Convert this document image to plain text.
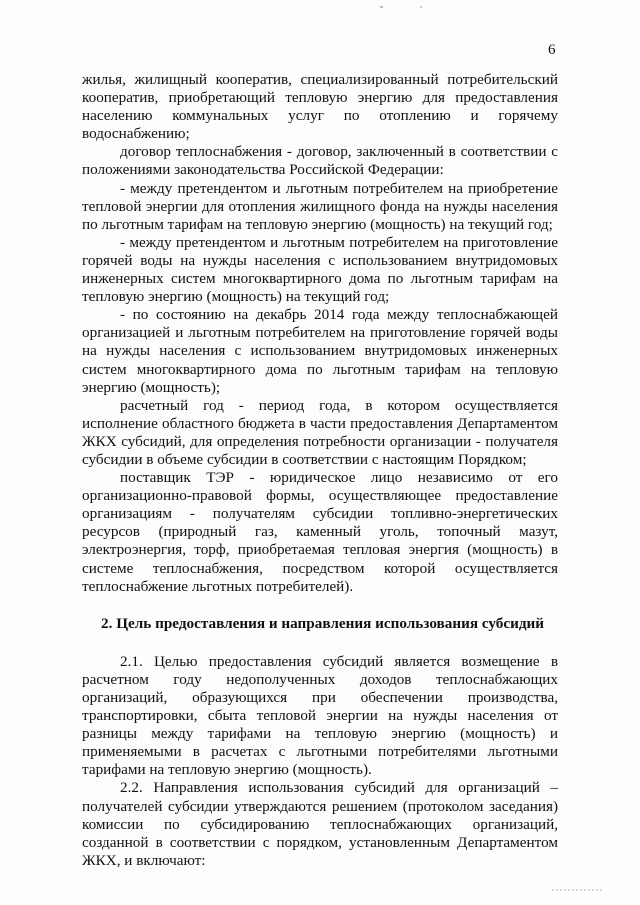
6

жилья, жилищный кооператив, специализированный потребительский кооператив, приобретающий тепловую энергию для предоставления населению коммунальных услуг по отоплению и горячему водоснабжению;

договор теплоснабжения - договор, заключенный в соответствии с положениями законодательства Российской Федерации:

- между претендентом и льготным потребителем на приобретение тепловой энергии для отопления жилищного фонда на нужды населения по льготным тарифам на тепловую энергию (мощность) на текущий год;

- между претендентом и льготным потребителем на приготовление горячей воды на нужды населения с использованием внутридомовых инженерных систем многоквартирного дома по льготным тарифам на тепловую энергию (мощность) на текущий год;

- по состоянию на декабрь 2014 года между теплоснабжающей организацией и льготным потребителем на приготовление горячей воды на нужды населения с использованием внутридомовых инженерных систем многоквартирного дома по льготным тарифам на тепловую энергию (мощность);

расчетный год - период года, в котором осуществляется исполнение областного бюджета в части предоставления Департаментом ЖКХ субсидий, для определения потребности организации - получателя субсидии в объеме субсидии в соответствии с настоящим Порядком;

поставщик ТЭР - юридическое лицо независимо от его организационно-правовой формы, осуществляющее предоставление организациям - получателям субсидии топливно-энергетических ресурсов (природный газ, каменный уголь, топочный мазут, электроэнергия, торф, приобретаемая тепловая энергия (мощность) в системе теплоснабжения, посредством которой осуществляется теплоснабжение льготных потребителей).

2. Цель предоставления и направления использования субсидий

2.1. Целью предоставления субсидий является возмещение в расчетном году недополученных доходов теплоснабжающих организаций, образующихся при обеспечении производства, транспортировки, сбыта тепловой энергии на нужды населения от разницы между тарифами на тепловую энергию (мощность) и применяемыми в расчетах с льготными потребителями льготными тарифами на тепловую энергию (мощность).

2.2. Направления использования субсидий для организаций – получателей субсидии утверждаются решением (протоколом заседания) комиссии по субсидированию теплоснабжающих организаций, созданной в соответствии с порядком, установленным Департаментом ЖКХ, и включают:
